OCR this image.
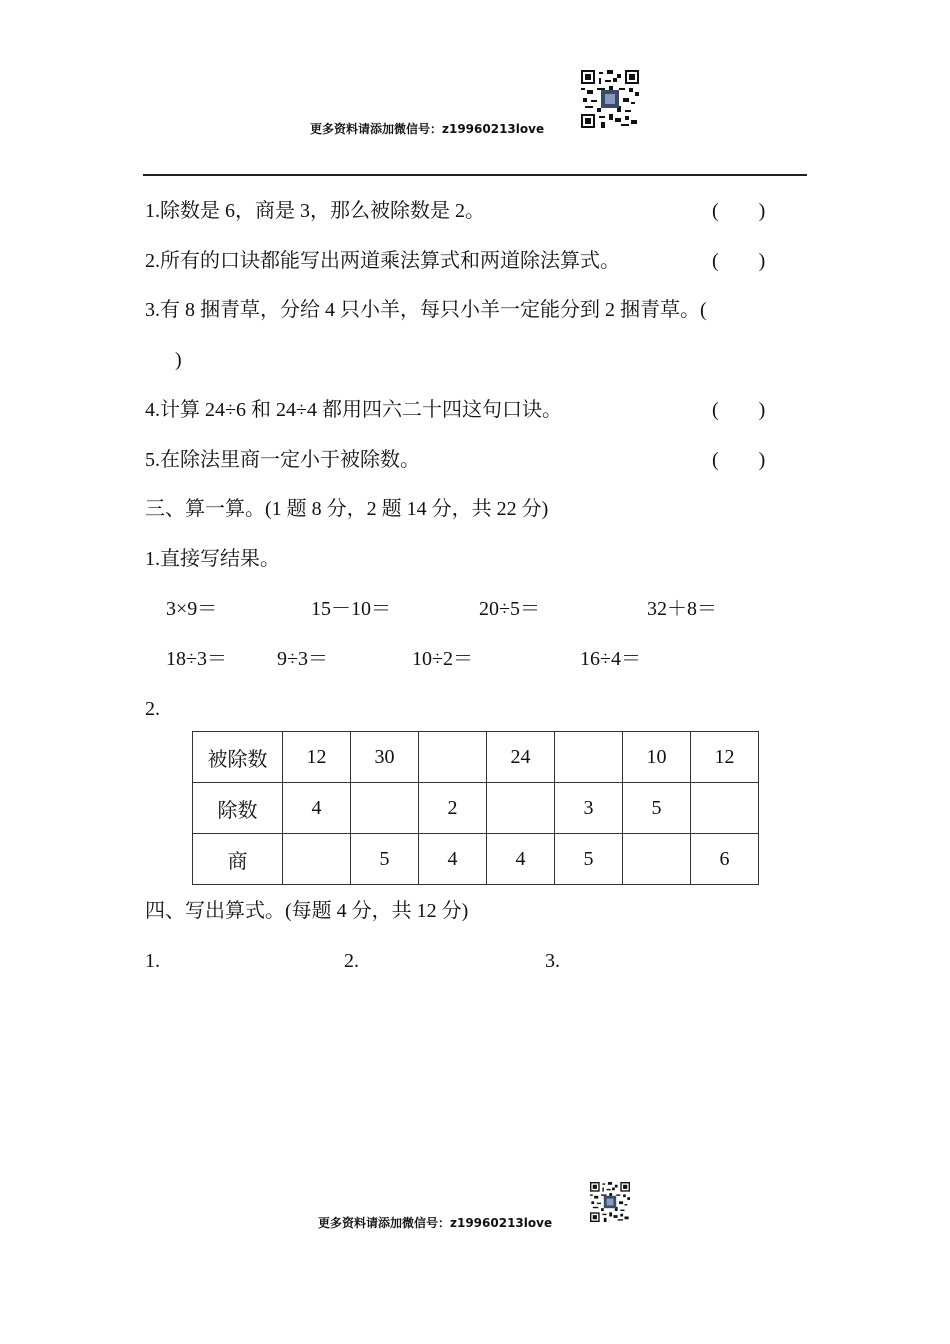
更多资料请添加微信号：z19960213love
1.除数是 6，商是 3，那么被除数是 2。	(　　)
2.所有的口诀都能写出两道乘法算式和两道除法算式。	(　　)
3.有 8 捆青草，分给 4 只小羊，每只小羊一定能分到 2 捆青草。(
)
4.计算 24÷6 和 24÷4 都用四六二十四这句口诀。	(　　)
5.在除法里商一定小于被除数。	(　　)
三、算一算。(1 题 8 分，2 题 14 分，共 22 分)
1.直接写结果。
3×9＝	15－10＝	20÷5＝	32＋8＝
18÷3＝	9÷3＝	10÷2＝	16÷4＝
2.
被除数	12	30		24		10	12
除数	4		2		3	5	
商		5	4	4	5		6
四、写出算式。(每题 4 分，共 12 分)
1.	2.	3.
更多资料请添加微信号：z19960213love
